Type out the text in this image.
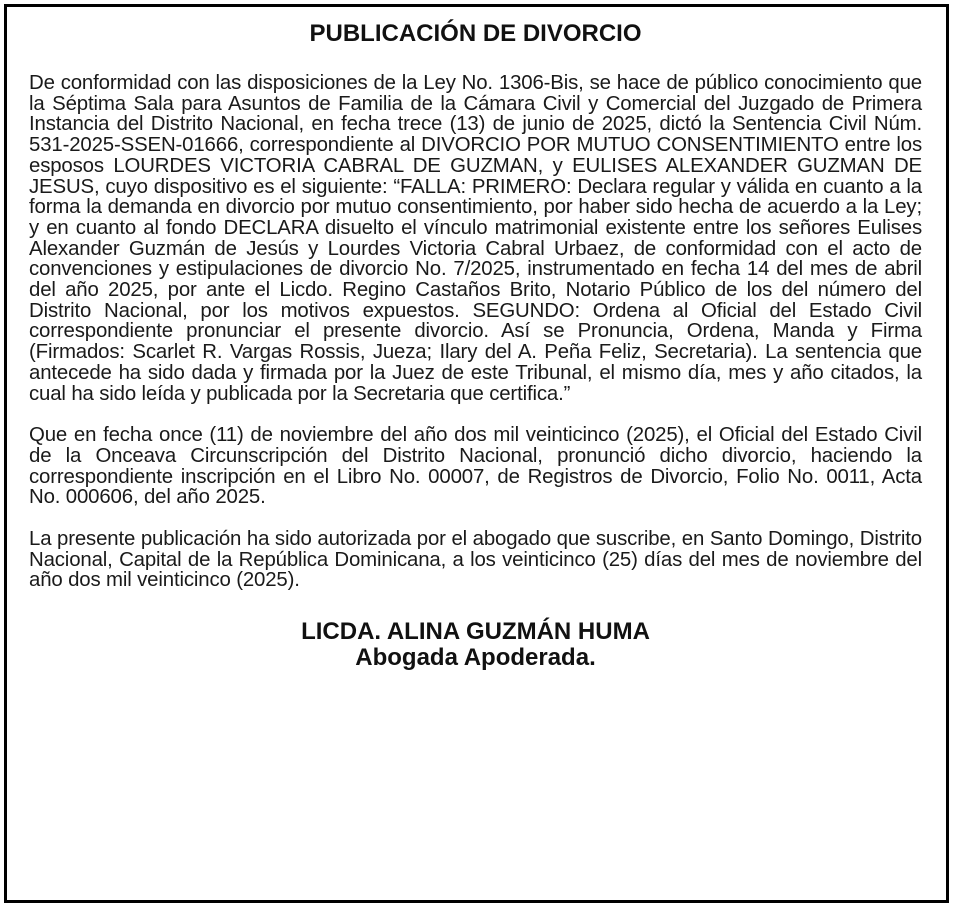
PUBLICACIÓN DE DIVORCIO

De conformidad con las disposiciones de la Ley No. 1306-Bis, se hace de público conocimiento que la Séptima Sala para Asuntos de Familia de la Cámara Civil y Comercial del Juzgado de Primera Instancia del Distrito Nacional, en fecha trece (13) de junio de 2025, dictó la Sentencia Civil Núm. 531-2025-SSEN-01666, correspondiente al DIVORCIO POR MUTUO CONSENTIMIENTO entre los esposos LOURDES VICTORIA CABRAL DE GUZMAN, y EULISES ALEXANDER GUZMAN DE JESUS, cuyo dispositivo es el siguiente: “FALLA: PRIMERO: Declara regular y válida en cuanto a la forma la demanda en divorcio por mutuo consentimiento, por haber sido hecha de acuerdo a la Ley; y en cuanto al fondo DECLARA disuelto el vínculo matrimonial existente entre los señores Eulises Alexander Guzmán de Jesús y Lourdes Victoria Cabral Urbaez, de conformidad con el acto de convenciones y estipulaciones de divorcio No. 7/2025, instrumentado en fecha 14 del mes de abril del año 2025, por ante el Licdo. Regino Castaños Brito, Notario Público de los del número del Distrito Nacional, por los motivos expuestos. SEGUNDO: Ordena al Oficial del Estado Civil correspondiente pronunciar el presente divorcio. Así se Pronuncia, Ordena, Manda y Firma (Firmados: Scarlet R. Vargas Rossis, Jueza; Ilary del A. Peña Feliz, Secretaria). La sentencia que antecede ha sido dada y firmada por la Juez de este Tribunal, el mismo día, mes y año citados, la cual ha sido leída y publicada por la Secretaria que certifica.”

Que en fecha once (11) de noviembre del año dos mil veinticinco (2025), el Oficial del Estado Civil de la Onceava Circunscripción del Distrito Nacional, pronunció dicho divorcio, haciendo la correspondiente inscripción en el Libro No. 00007, de Registros de Divorcio, Folio No. 0011, Acta No. 000606, del año 2025.

La presente publicación ha sido autorizada por el abogado que suscribe, en Santo Domingo, Distrito Nacional, Capital de la República Dominicana, a los veinticinco (25) días del mes de noviembre del año dos mil veinticinco (2025).

LICDA. ALINA GUZMÁN HUMA
Abogada Apoderada.
